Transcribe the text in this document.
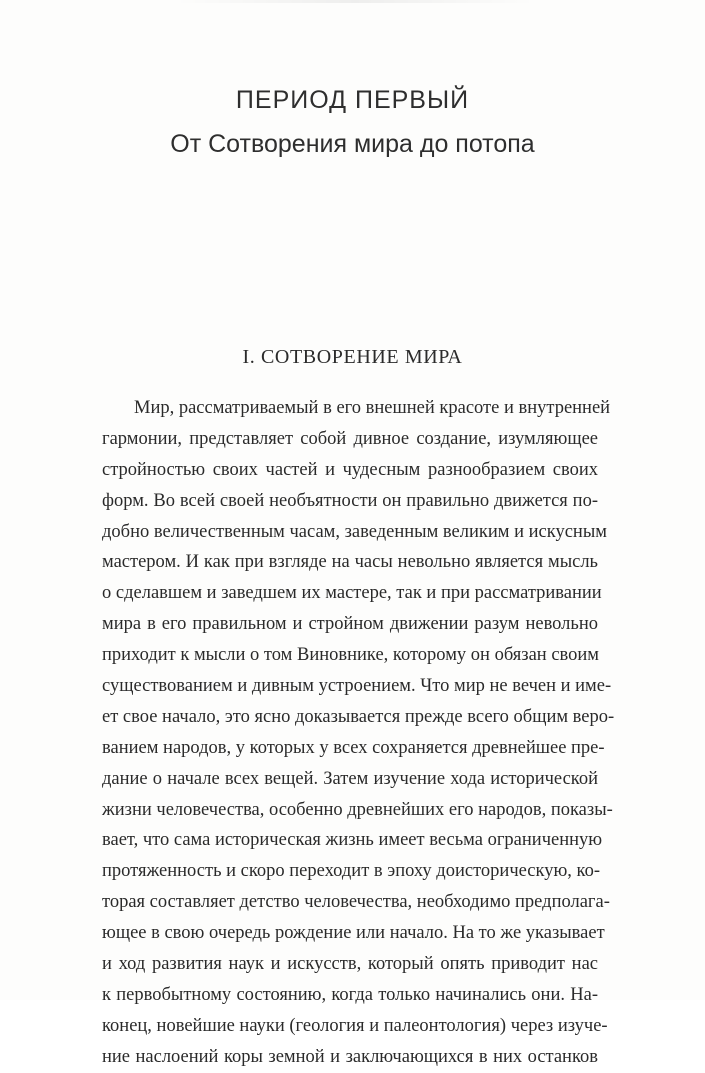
ПЕРИОД ПЕРВЫЙ
От Сотворения мира до потопа
I. СОТВОРЕНИЕ МИРА
Мир, рассматриваемый в его внешней красоте и внутренней
гармонии, представляет собой дивное создание, изумляющее
стройностью своих частей и чудесным разнообразием своих
форм. Во всей своей необъятности он правильно движется по-
добно величественным часам, заведенным великим и искусным
мастером. И как при взгляде на часы невольно является мысль
о сделавшем и заведшем их мастере, так и при рассматривании
мира в его правильном и стройном движении разум невольно
приходит к мысли о том Виновнике, которому он обязан своим
существованием и дивным устроением. Что мир не вечен и име-
ет свое начало, это ясно доказывается прежде всего общим веро-
ванием народов, у которых у всех сохраняется древнейшее пре-
дание о начале всех вещей. Затем изучение хода исторической
жизни человечества, особенно древнейших его народов, показы-
вает, что сама историческая жизнь имеет весьма ограниченную
протяженность и скоро переходит в эпоху доисторическую, ко-
торая составляет детство человечества, необходимо предполага-
ющее в свою очередь рождение или начало. На то же указывает
и ход развития наук и искусств, который опять приводит нас
к первобытному состоянию, когда только начинались они. На-
конец, новейшие науки (геология и палеонтология) через изуче-
ние наслоений коры земной и заключающихся в них останков
